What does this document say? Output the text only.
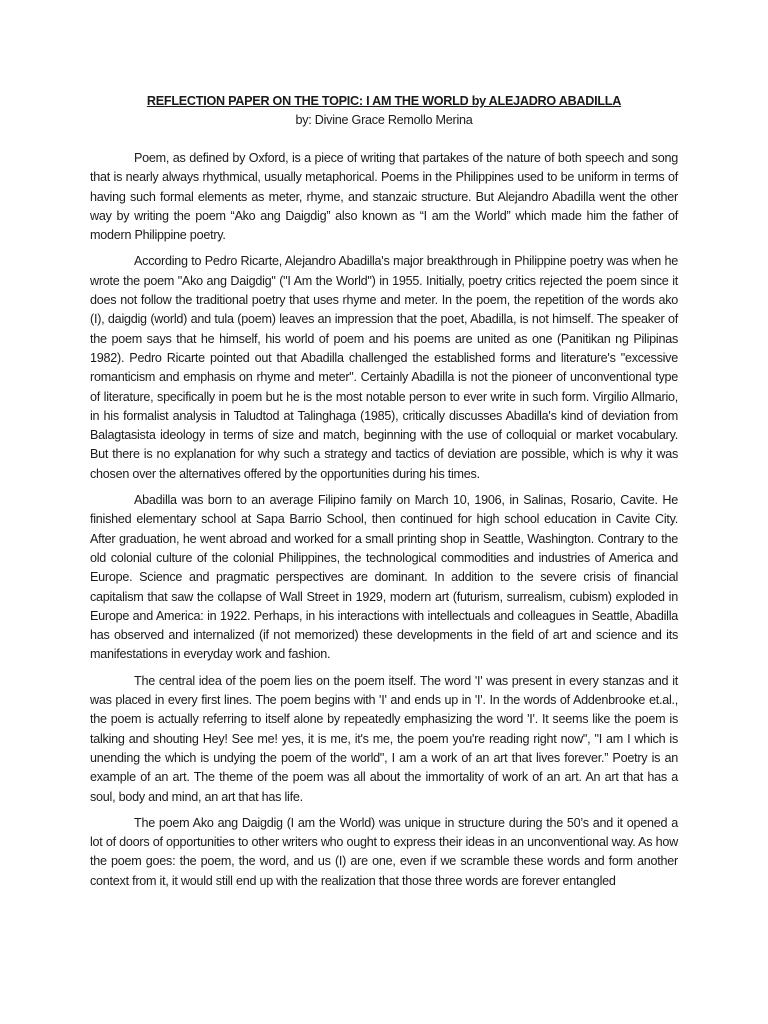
REFLECTION PAPER ON THE TOPIC: I AM THE WORLD by ALEJADRO ABADILLA

by: Divine Grace Remollo Merina

Poem, as defined by Oxford, is a piece of writing that partakes of the nature of both speech and song that is nearly always rhythmical, usually metaphorical. Poems in the Philippines used to be uniform in terms of having such formal elements as meter, rhyme, and stanzaic structure. But Alejandro Abadilla went the other way by writing the poem “Ako ang Daigdig” also known as “I am the World” which made him the father of modern Philippine poetry.

According to Pedro Ricarte, Alejandro Abadilla's major breakthrough in Philippine poetry was when he wrote the poem "Ako ang Daigdig" ("I Am the World") in 1955. Initially, poetry critics rejected the poem since it does not follow the traditional poetry that uses rhyme and meter. In the poem, the repetition of the words ako (I), daigdig (world) and tula (poem) leaves an impression that the poet, Abadilla, is not himself. The speaker of the poem says that he himself, his world of poem and his poems are united as one (Panitikan ng Pilipinas 1982). Pedro Ricarte pointed out that Abadilla challenged the established forms and literature's "excessive romanticism and emphasis on rhyme and meter". Certainly Abadilla is not the pioneer of unconventional type of literature, specifically in poem but he is the most notable person to ever write in such form. Virgilio Allmario, in his formalist analysis in Taludtod at Talinghaga (1985), critically discusses Abadilla's kind of deviation from Balagtasista ideology in terms of size and match, beginning with the use of colloquial or market vocabulary. But there is no explanation for why such a strategy and tactics of deviation are possible, which is why it was chosen over the alternatives offered by the opportunities during his times.

Abadilla was born to an average Filipino family on March 10, 1906, in Salinas, Rosario, Cavite. He finished elementary school at Sapa Barrio School, then continued for high school education in Cavite City. After graduation, he went abroad and worked for a small printing shop in Seattle, Washington. Contrary to the old colonial culture of the colonial Philippines, the technological commodities and industries of America and Europe. Science and pragmatic perspectives are dominant. In addition to the severe crisis of financial capitalism that saw the collapse of Wall Street in 1929, modern art (futurism, surrealism, cubism) exploded in Europe and America: in 1922. Perhaps, in his interactions with intellectuals and colleagues in Seattle, Abadilla has observed and internalized (if not memorized) these developments in the field of art and science and its manifestations in everyday work and fashion.

The central idea of the poem lies on the poem itself. The word 'I' was present in every stanzas and it was placed in every first lines. The poem begins with 'I' and ends up in 'I'. In the words of Addenbrooke et.al., the poem is actually referring to itself alone by repeatedly emphasizing the word 'I'. It seems like the poem is talking and shouting Hey! See me! yes, it is me, it's me, the poem you're reading right now", "I am I which is unending the which is undying the poem of the world", I am a work of an art that lives forever.” Poetry is an example of an art. The theme of the poem was all about the immortality of work of an art. An art that has a soul, body and mind, an art that has life.

The poem Ako ang Daigdig (I am the World) was unique in structure during the 50’s and it opened a lot of doors of opportunities to other writers who ought to express their ideas in an unconventional way. As how the poem goes: the poem, the word, and us (I) are one, even if we scramble these words and form another context from it, it would still end up with the realization that those three words are forever entangled
